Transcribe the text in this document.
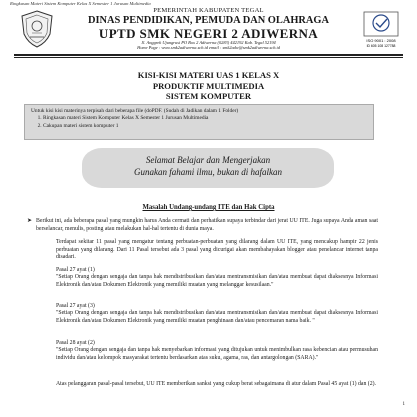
Ringkasan Materi Sistem Komputer Kelas X Semester 1 Jurusan Multimedia
PEMERINTAH KABUPATEN TEGAL
DINAS PENDIDIKAN, PEMUDA DAN OLAHRAGA
UPTD SMK NEGERI 2 ADIWERNA
Jl. Anggrek Ujungrusi PO Box 2 Adiwerna (0283) 442192 Kab. Tegal 52194
Home Page : www.smk2adiwerna.sch.id email : smk2adw@smk2adiwerna.sch.id
ISO 9001 : 2008
ID 605 108 127788
KISI-KISI MATERI UAS 1 KELAS X
PRODUKTIF MULTIMEDIA
SISTEM KOMPUTER
Untuk kisi kisi materinya terpisah dari beberapa file (doPDF. (Sudah di Jadikan dalam 1 Folder)
1. Ringkasan materi Sistem Komputer Kelas X Semester 1 Jurusan Multimedia
2. Cakupan materi sistem komputer 1
Selamat Belajar dan Mengerjakan
Gunakan fahami ilmu, bukan di hafalkan
Masalah Undang-undang ITE dan Hak Cipta
➤ Berikut ini, ada beberapa pasal yang mungkin harus Anda cermati dan perhatikan supaya terbindar dari jerat UU ITE. Juga supaya Anda aman saat berselancar, menulis, posting atau melakukan hal-hal tertentu di dunia maya.
Terdapat sekitar 11 pasal yang mengatur tentang perbuatan-perbuatan yang dilarang dalam UU ITE, yang mencakup hampir 22 jenis perbuatan yang dilarang. Dari 11 Pasal tersebut ada 3 pasal yang dicurigai akan membahayakan blogger atau penelancar internet tanpa disadari.
Pasal 27 ayat (1)
"Setiap Orang dengan sengaja dan tanpa hak mendistribusikan dan/atau mentransmisikan dan/atau membuat dapat diaksesnya Informasi Elektronik dan/atau Dokumen Elektronik yang memiliki muatan yang melanggar kesusilaan."
Pasal 27 ayat (3)
"Setiap Orang dengan sengaja dan tanpa hak mendistribusikan dan/atau mentransmisikan dan/atau membuat dapat diaksesnya Informasi Elektronik dan/atau Dokumen Elektronik yang memiliki muatan penghinaan dan/atau pencemaran nama baik. "
Pasal 28 ayat (2)
"Setiap Orang dengan sengaja dan tanpa hak menyebarkan informasi yang ditujukan untuk menimbulkan rasa kebencian atau permusuhan individu dan/atau kelompok masyarakat tertentu berdasarkan atas suku, agama, ras, dan antargolongan (SARA)."
Atas pelanggaran pasal-pasal tersebut, UU ITE memberikan sanksi yang cukup berat sebagaimana di atur dalam Pasal 45 ayat (1) dan (2).
1
